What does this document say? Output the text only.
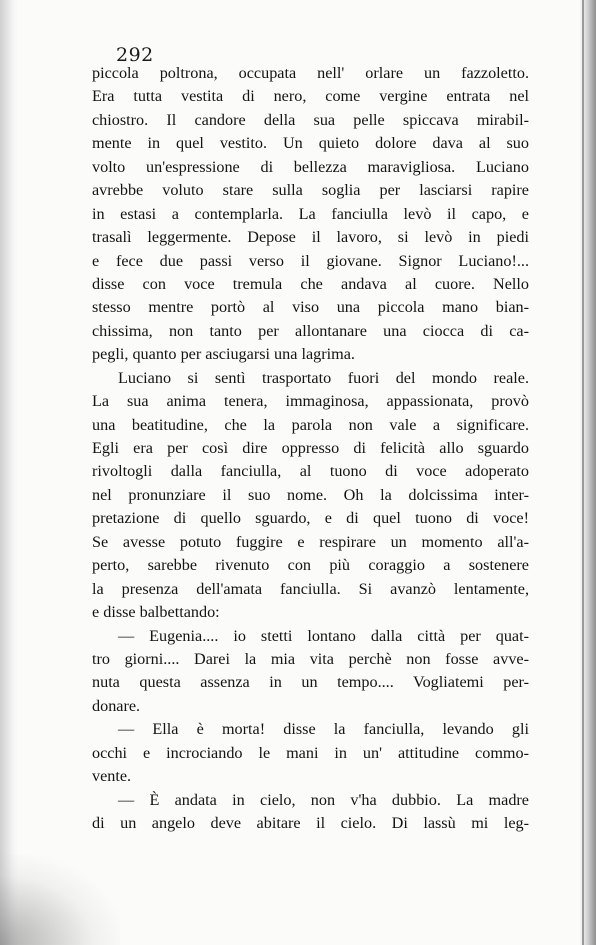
292
piccola poltrona, occupata nell' orlare un fazzoletto.
Era tutta vestita di nero, come vergine entrata nel
chiostro. Il candore della sua pelle spiccava mirabil-
mente in quel vestito. Un quieto dolore dava al suo
volto un'espressione di bellezza maravigliosa. Luciano
avrebbe voluto stare sulla soglia per lasciarsi rapire
in estasi a contemplarla. La fanciulla levò il capo, e
trasalì leggermente. Depose il lavoro, si levò in piedi
e fece due passi verso il giovane. Signor Luciano!...
disse con voce tremula che andava al cuore. Nello
stesso mentre portò al viso una piccola mano bian-
chissima, non tanto per allontanare una ciocca di ca-
pegli, quanto per asciugarsi una lagrima.
Luciano si sentì trasportato fuori del mondo reale.
La sua anima tenera, immaginosa, appassionata, provò
una beatitudine, che la parola non vale a significare.
Egli era per così dire oppresso di felicità allo sguardo
rivoltogli dalla fanciulla, al tuono di voce adoperato
nel pronunziare il suo nome. Oh la dolcissima inter-
pretazione di quello sguardo, e di quel tuono di voce!
Se avesse potuto fuggire e respirare un momento all'a-
perto, sarebbe rivenuto con più coraggio a sostenere
la presenza dell'amata fanciulla. Si avanzò lentamente,
e disse balbettando:
— Eugenia.... io stetti lontano dalla città per quat-
tro giorni.... Darei la mia vita perchè non fosse avve-
nuta questa assenza in un tempo.... Vogliatemi per-
donare.
— Ella è morta! disse la fanciulla, levando gli
occhi e incrociando le mani in un' attitudine commo-
vente.
— È andata in cielo, non v'ha dubbio. La madre
di un angelo deve abitare il cielo. Di lassù mi leg-
